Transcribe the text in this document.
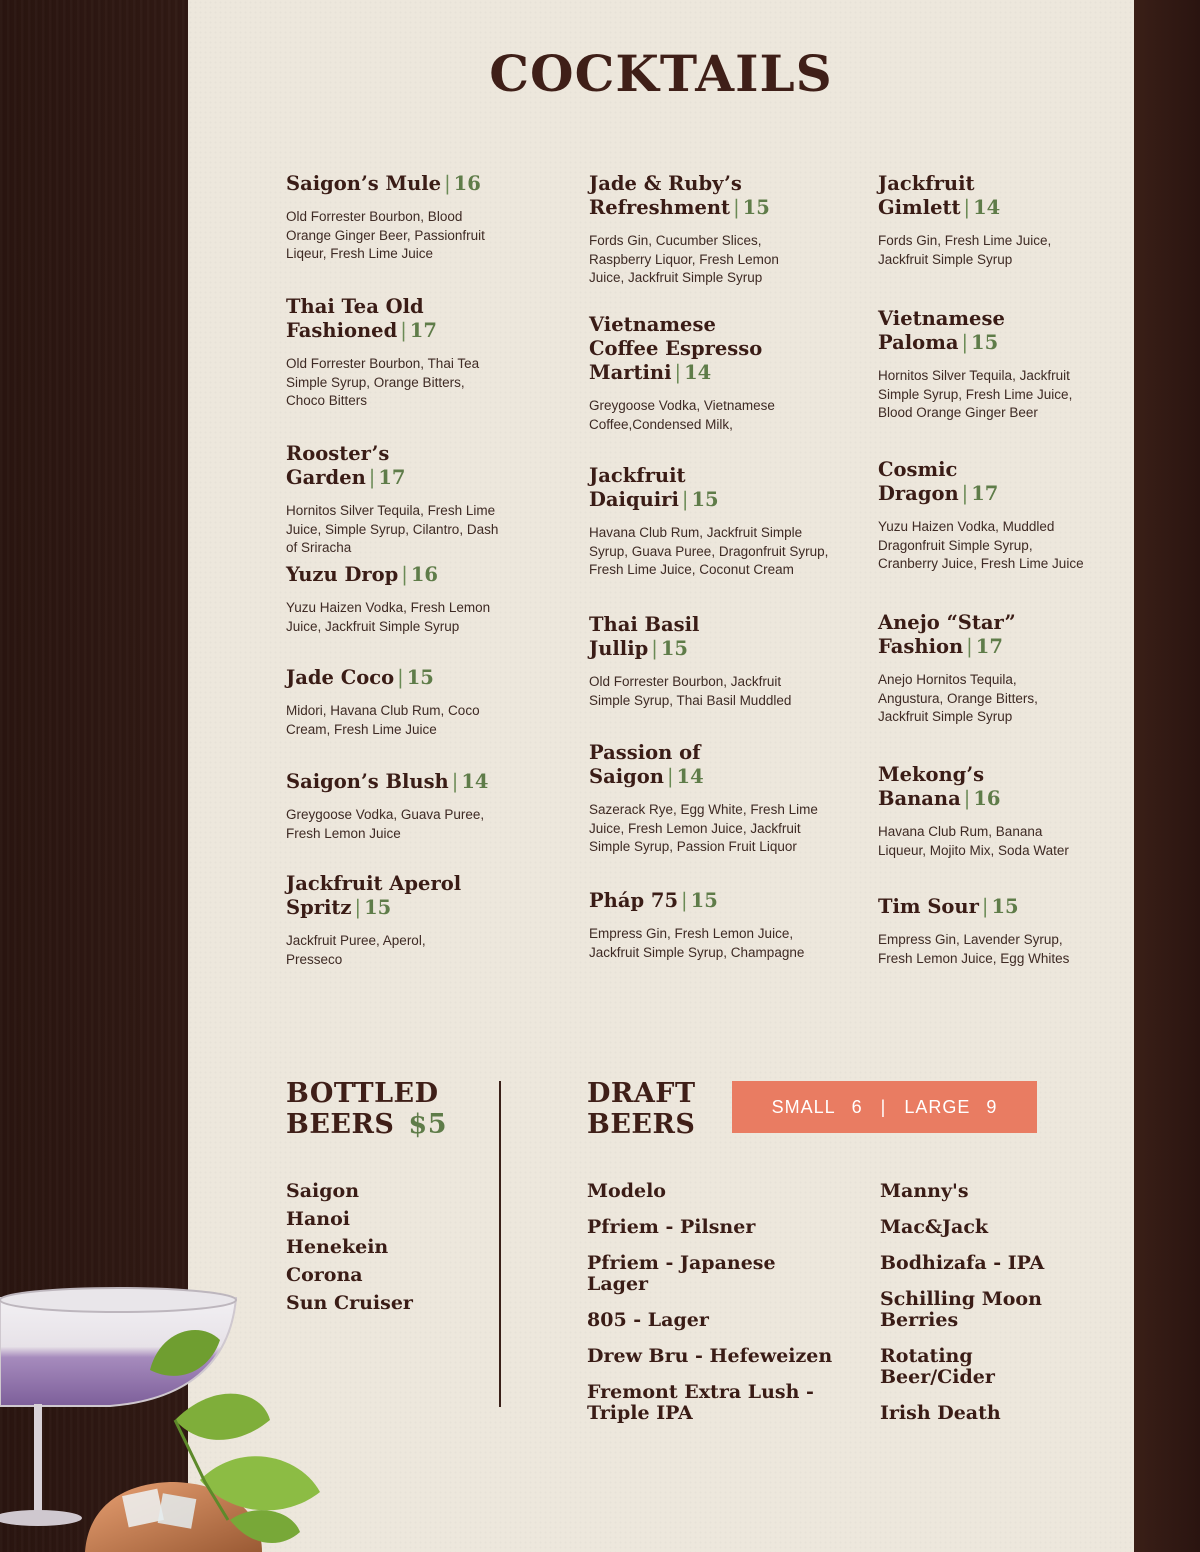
COCKTAILS
Saigon’s Mule | 16
Old Forrester Bourbon, Blood Orange Ginger Beer, Passionfruit Liqeur, Fresh Lime Juice
Thai Tea Old Fashioned | 17
Old Forrester Bourbon, Thai Tea Simple Syrup, Orange Bitters, Choco Bitters
Rooster’s Garden | 17
Hornitos Silver Tequila, Fresh Lime Juice, Simple Syrup, Cilantro, Dash of Sriracha
Yuzu Drop | 16
Yuzu Haizen Vodka, Fresh Lemon Juice, Jackfruit Simple Syrup
Jade Coco | 15
Midori, Havana Club Rum, Coco Cream, Fresh Lime Juice
Saigon’s Blush | 14
Greygoose Vodka, Guava Puree, Fresh Lemon Juice
Jackfruit Aperol Spritz | 15
Jackfruit Puree, Aperol, Presseco
Jade & Ruby’s Refreshment | 15
Fords Gin, Cucumber Slices, Raspberry Liquor, Fresh Lemon Juice, Jackfruit Simple Syrup
Vietnamese Coffee Espresso Martini | 14
Greygoose Vodka, Vietnamese Coffee,Condensed Milk,
Jackfruit Daiquiri | 15
Havana Club Rum, Jackfruit Simple Syrup, Guava Puree, Dragonfruit Syrup, Fresh Lime Juice, Coconut Cream
Thai Basil Jullip | 15
Old Forrester Bourbon, Jackfruit Simple Syrup, Thai Basil Muddled
Passion of Saigon | 14
Sazerack Rye, Egg White, Fresh Lime Juice, Fresh Lemon Juice, Jackfruit Simple Syrup, Passion Fruit Liquor
Pháp 75 | 15
Empress Gin, Fresh Lemon Juice, Jackfruit Simple Syrup, Champagne
Jackfruit Gimlett | 14
Fords Gin, Fresh Lime Juice, Jackfruit Simple Syrup
Vietnamese Paloma | 15
Hornitos Silver Tequila, Jackfruit Simple Syrup, Fresh Lime Juice, Blood Orange Ginger Beer
Cosmic Dragon | 17
Yuzu Haizen Vodka, Muddled Dragonfruit Simple Syrup, Cranberry Juice, Fresh Lime Juice
Anejo “Star” Fashion | 17
Anejo Hornitos Tequila, Angustura, Orange Bitters, Jackfruit Simple Syrup
Mekong’s Banana | 16
Havana Club Rum, Banana Liqueur, Mojito Mix, Soda Water
Tim Sour | 15
Empress Gin, Lavender Syrup, Fresh Lemon Juice, Egg Whites
BOTTLED
BEERS $5
Saigon
Hanoi
Henekein
Corona
Sun Cruiser
DRAFT
BEERS
SMALL 6 | LARGE 9
Modelo
Pfriem - Pilsner
Pfriem - Japanese Lager
805 - Lager
Drew Bru - Hefeweizen
Fremont Extra Lush - Triple IPA
Manny's
Mac&Jack
Bodhizafa - IPA
Schilling Moon Berries
Rotating Beer/Cider
Irish Death
